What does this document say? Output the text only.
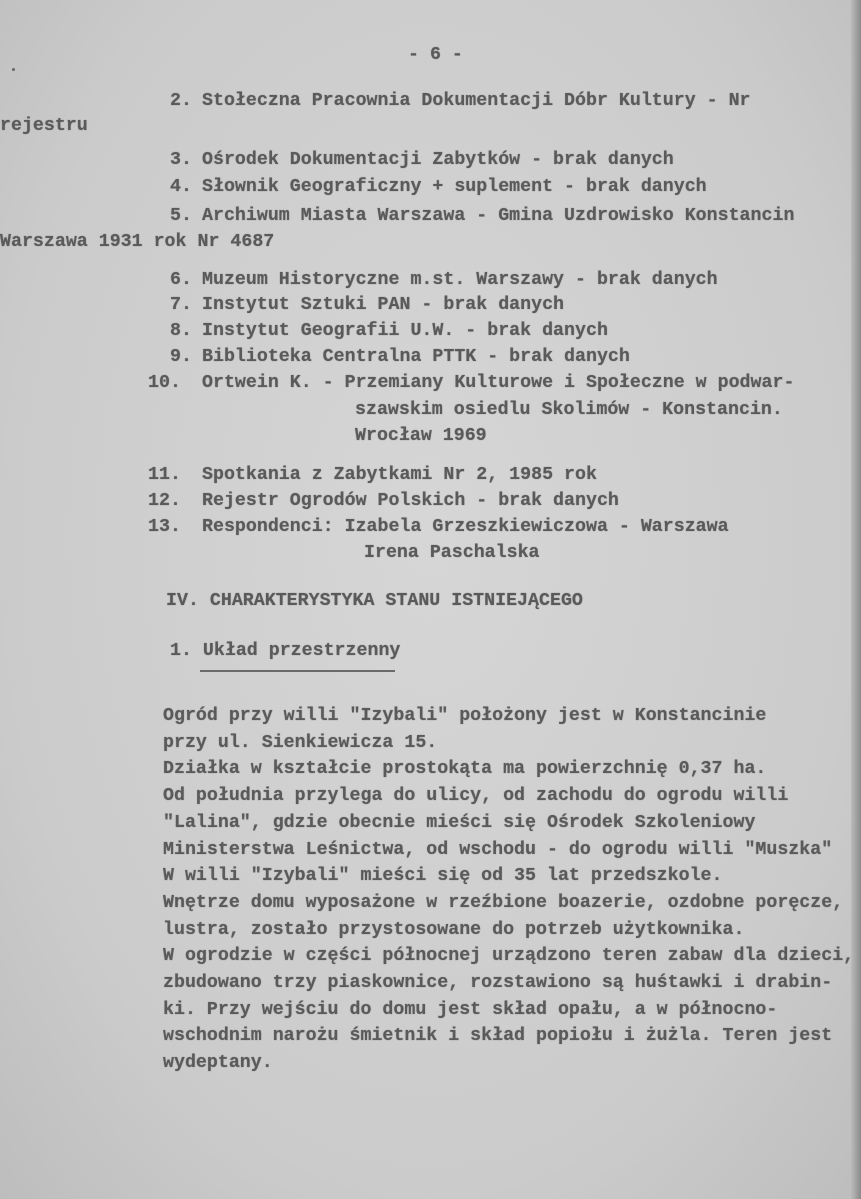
- 6 -
2. Stołeczna Pracownia Dokumentacji Dóbr Kultury - Nr
rejestru
3. Ośrodek Dokumentacji Zabytków - brak danych
4. Słownik Geograficzny + suplement - brak danych
5. Archiwum Miasta Warszawa - Gmina Uzdrowisko Konstancin
Warszawa 1931 rok Nr 4687
6. Muzeum Historyczne m.st. Warszawy - brak danych
7. Instytut Sztuki PAN - brak danych
8. Instytut Geografii U.W. - brak danych
9. Biblioteka Centralna PTTK - brak danych
10. Ortwein K. - Przemiany Kulturowe i Społeczne w podwar-
szawskim osiedlu Skolimów - Konstancin.
Wrocław 1969
11. Spotkania z Zabytkami Nr 2, 1985 rok
12. Rejestr Ogrodów Polskich - brak danych
13. Respondenci: Izabela Grzeszkiewiczowa - Warszawa
Irena Paschalska
IV. CHARAKTERYSTYKA STANU ISTNIEJĄCEGO
1. Układ przestrzenny
Ogród przy willi "Izybali" położony jest w Konstancinie
przy ul. Sienkiewicza 15.
Działka w kształcie prostokąta ma powierzchnię 0,37 ha.
Od południa przylega do ulicy, od zachodu do ogrodu willi
"Lalina", gdzie obecnie mieści się Ośrodek Szkoleniowy
Ministerstwa Leśnictwa, od wschodu - do ogrodu willi "Muszka"
W willi "Izybali" mieści się od 35 lat przedszkole.
Wnętrze domu wyposażone w rzeźbione boazerie, ozdobne poręcze,
lustra, zostało przystosowane do potrzeb użytkownika.
W ogrodzie w części północnej urządzono teren zabaw dla dzieci,
zbudowano trzy piaskownice, rozstawiono są huśtawki i drabin-
ki. Przy wejściu do domu jest skład opału, a w północno-
wschodnim narożu śmietnik i skład popiołu i żużla. Teren jest
wydeptany.
